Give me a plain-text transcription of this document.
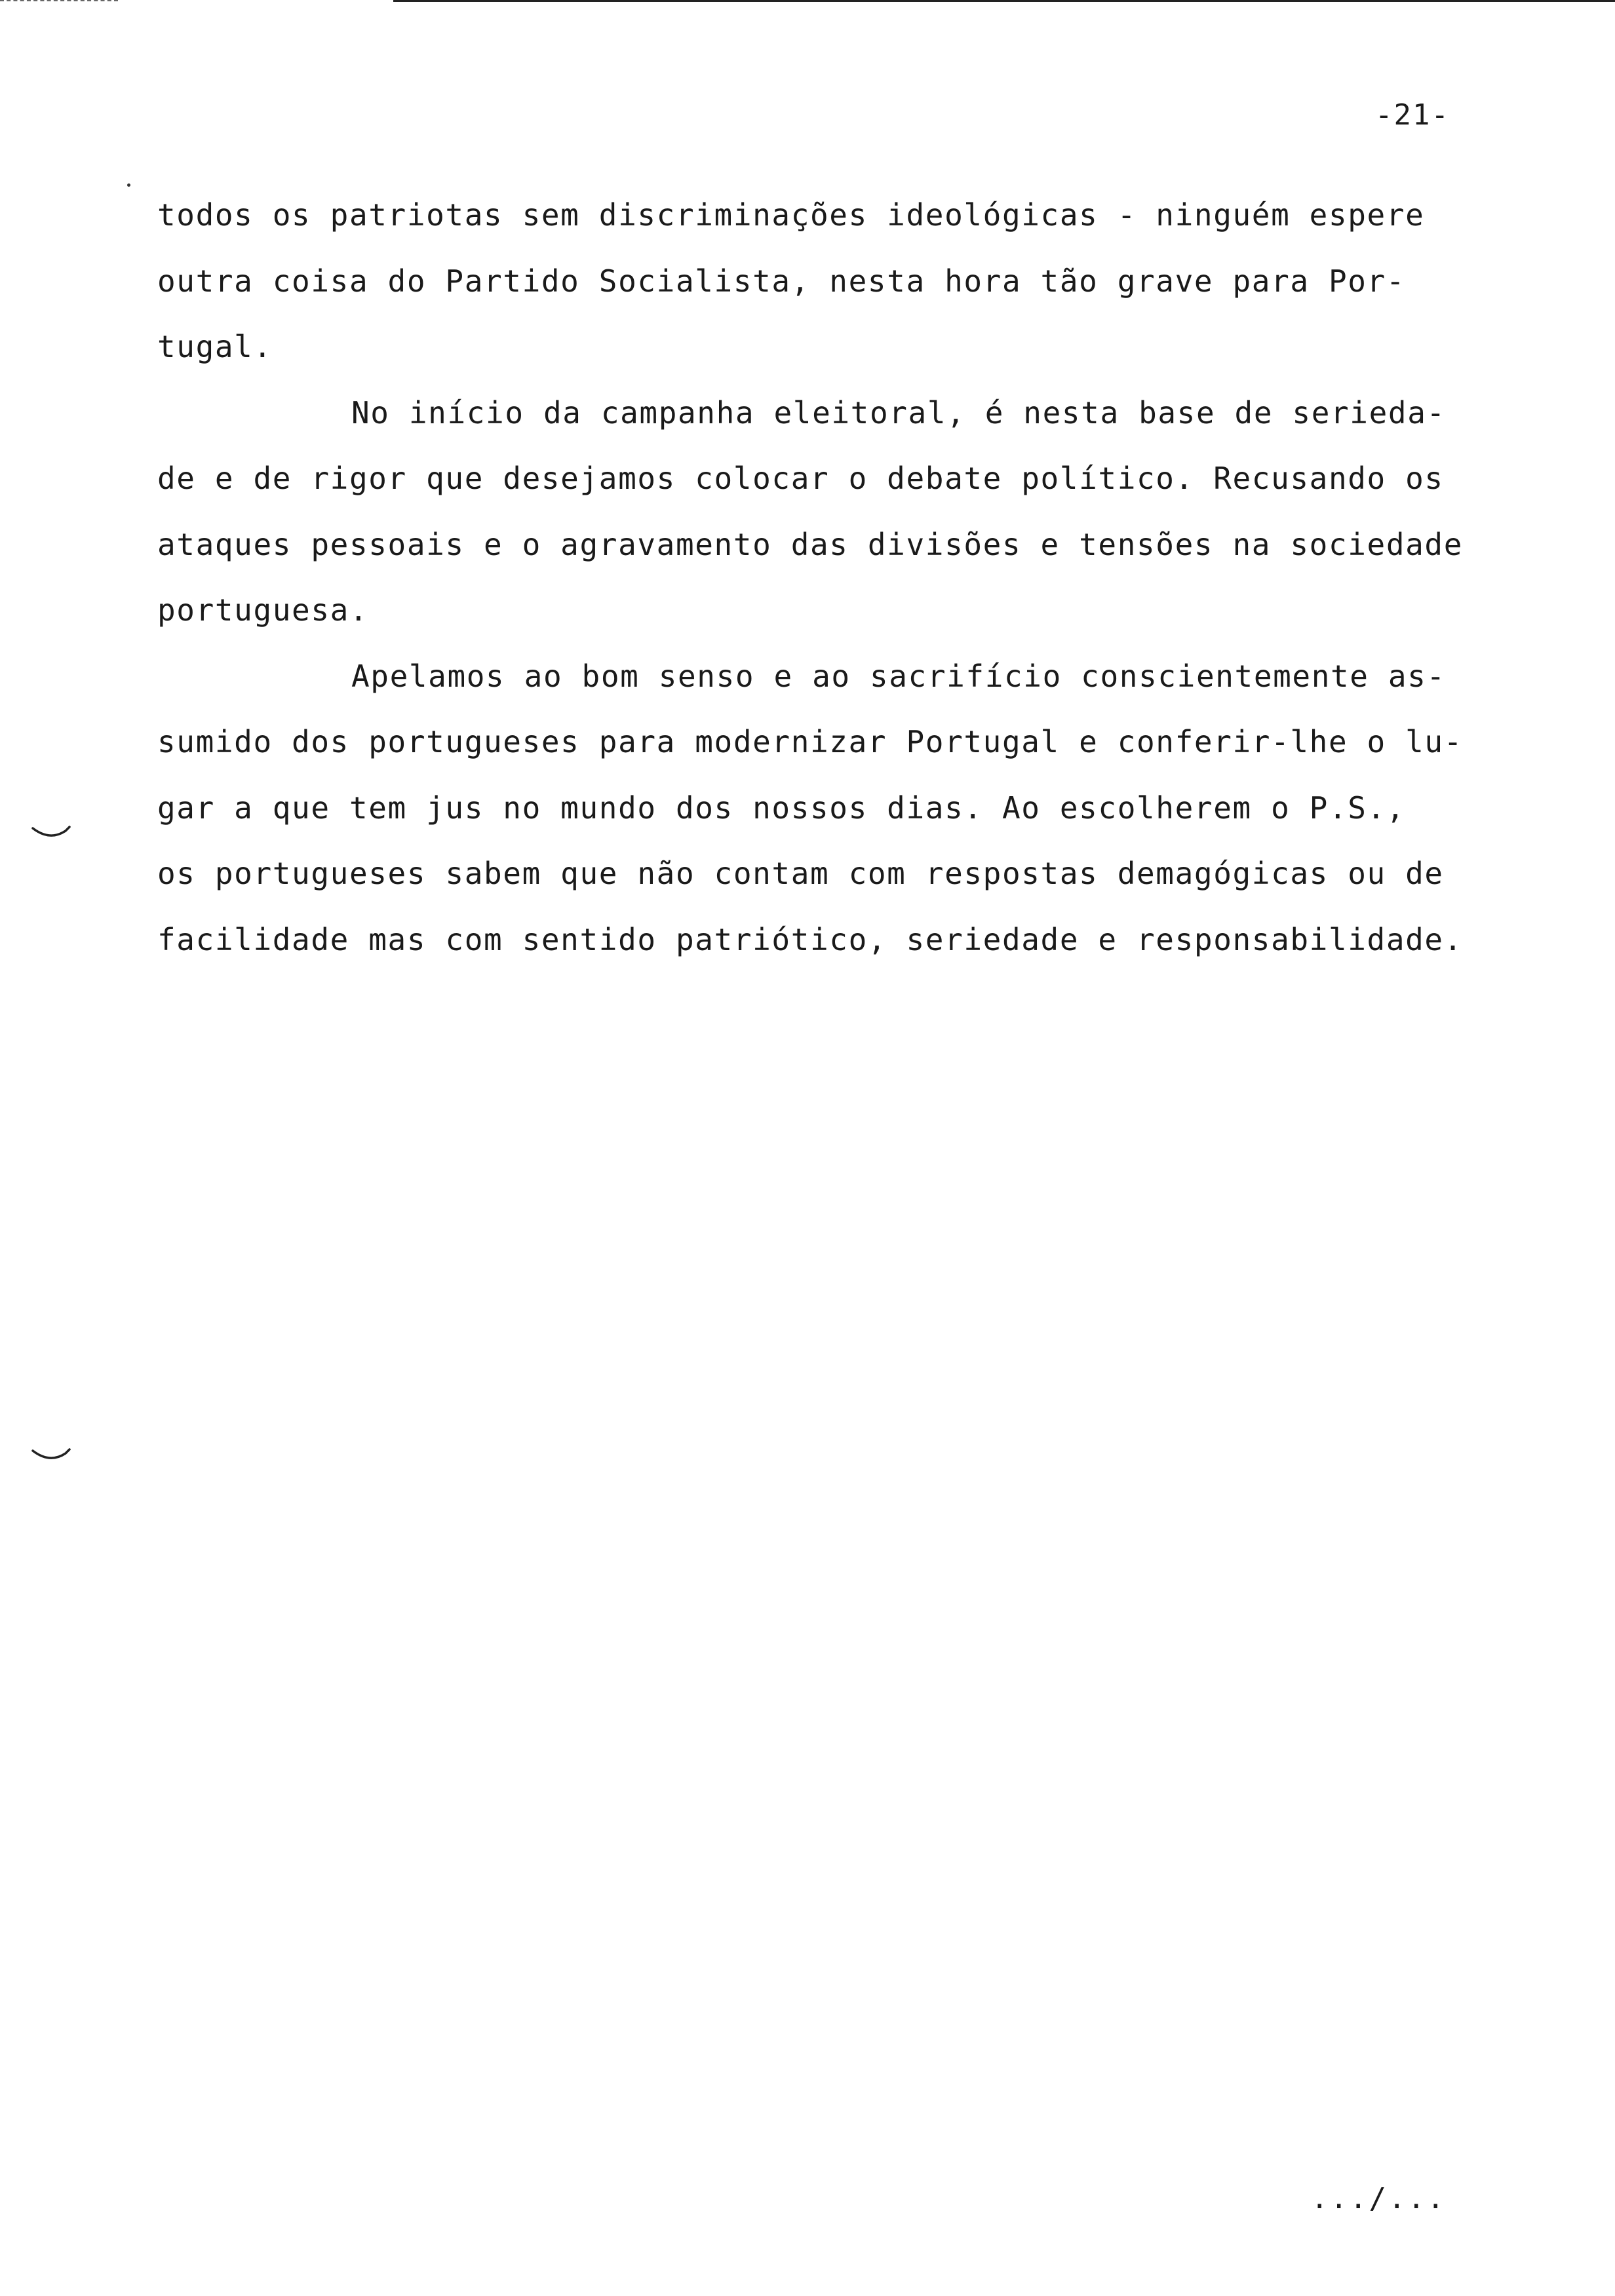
-21-
todos os patriotas sem discriminações ideológicas - ninguém espere
outra coisa do Partido Socialista, nesta hora tão grave para Por-
tugal.
No início da campanha eleitoral, é nesta base de serieda-
de e de rigor que desejamos colocar o debate político. Recusando os
ataques pessoais e o agravamento das divisões e tensões na sociedade
portuguesa.
Apelamos ao bom senso e ao sacrifício conscientemente as-
sumido dos portugueses para modernizar Portugal e conferir-lhe o lu-
gar a que tem jus no mundo dos nossos dias. Ao escolherem o P.S.,
os portugueses sabem que não contam com respostas demagógicas ou de
facilidade mas com sentido patriótico, seriedade e responsabilidade.
.../...
